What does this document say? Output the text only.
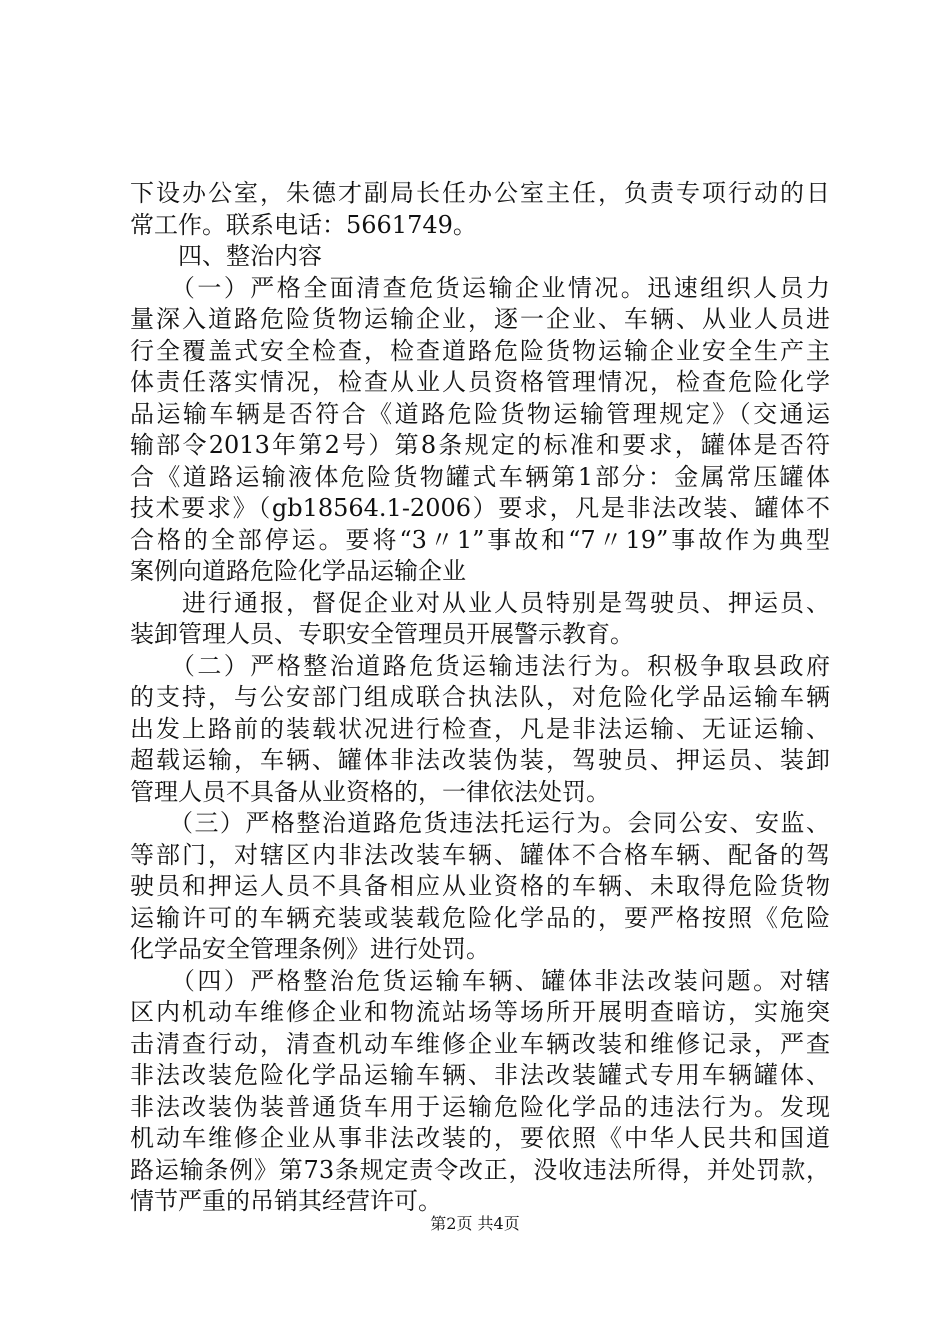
下设办公室，朱德才副局长任办公室主任，负责专项行动的日
常工作。联系电话：5661749。
　　四、整治内容
　　（一）严格全面清查危货运输企业情况。迅速组织人员力
量深入道路危险货物运输企业，逐一企业、车辆、从业人员进
行全覆盖式安全检查，检查道路危险货物运输企业安全生产主
体责任落实情况，检查从业人员资格管理情况，检查危险化学
品运输车辆是否符合《道路危险货物运输管理规定》（交通运
输部令2013年第2号）第8条规定的标准和要求，罐体是否符
合《道路运输液体危险货物罐式车辆第1部分：金属常压罐体
技术要求》（gb18564.1-2006）要求，凡是非法改装、罐体不
合格的全部停运。要将“3〃1”事故和“7〃19”事故作为典型
案例向道路危险化学品运输企业
　　进行通报，督促企业对从业人员特别是驾驶员、押运员、
装卸管理人员、专职安全管理员开展警示教育。
　　（二）严格整治道路危货运输违法行为。积极争取县政府
的支持，与公安部门组成联合执法队，对危险化学品运输车辆
出发上路前的装载状况进行检查，凡是非法运输、无证运输、
超载运输，车辆、罐体非法改装伪装，驾驶员、押运员、装卸
管理人员不具备从业资格的，一律依法处罚。
　　（三）严格整治道路危货违法托运行为。会同公安、安监、
等部门，对辖区内非法改装车辆、罐体不合格车辆、配备的驾
驶员和押运人员不具备相应从业资格的车辆、未取得危险货物
运输许可的车辆充装或装载危险化学品的，要严格按照《危险
化学品安全管理条例》进行处罚。
　　（四）严格整治危货运输车辆、罐体非法改装问题。对辖
区内机动车维修企业和物流站场等场所开展明查暗访，实施突
击清查行动，清查机动车维修企业车辆改装和维修记录，严查
非法改装危险化学品运输车辆、非法改装罐式专用车辆罐体、
非法改装伪装普通货车用于运输危险化学品的违法行为。发现
机动车维修企业从事非法改装的，要依照《中华人民共和国道
路运输条例》第73条规定责令改正，没收违法所得，并处罚款，
情节严重的吊销其经营许可。
第2页 共4页
